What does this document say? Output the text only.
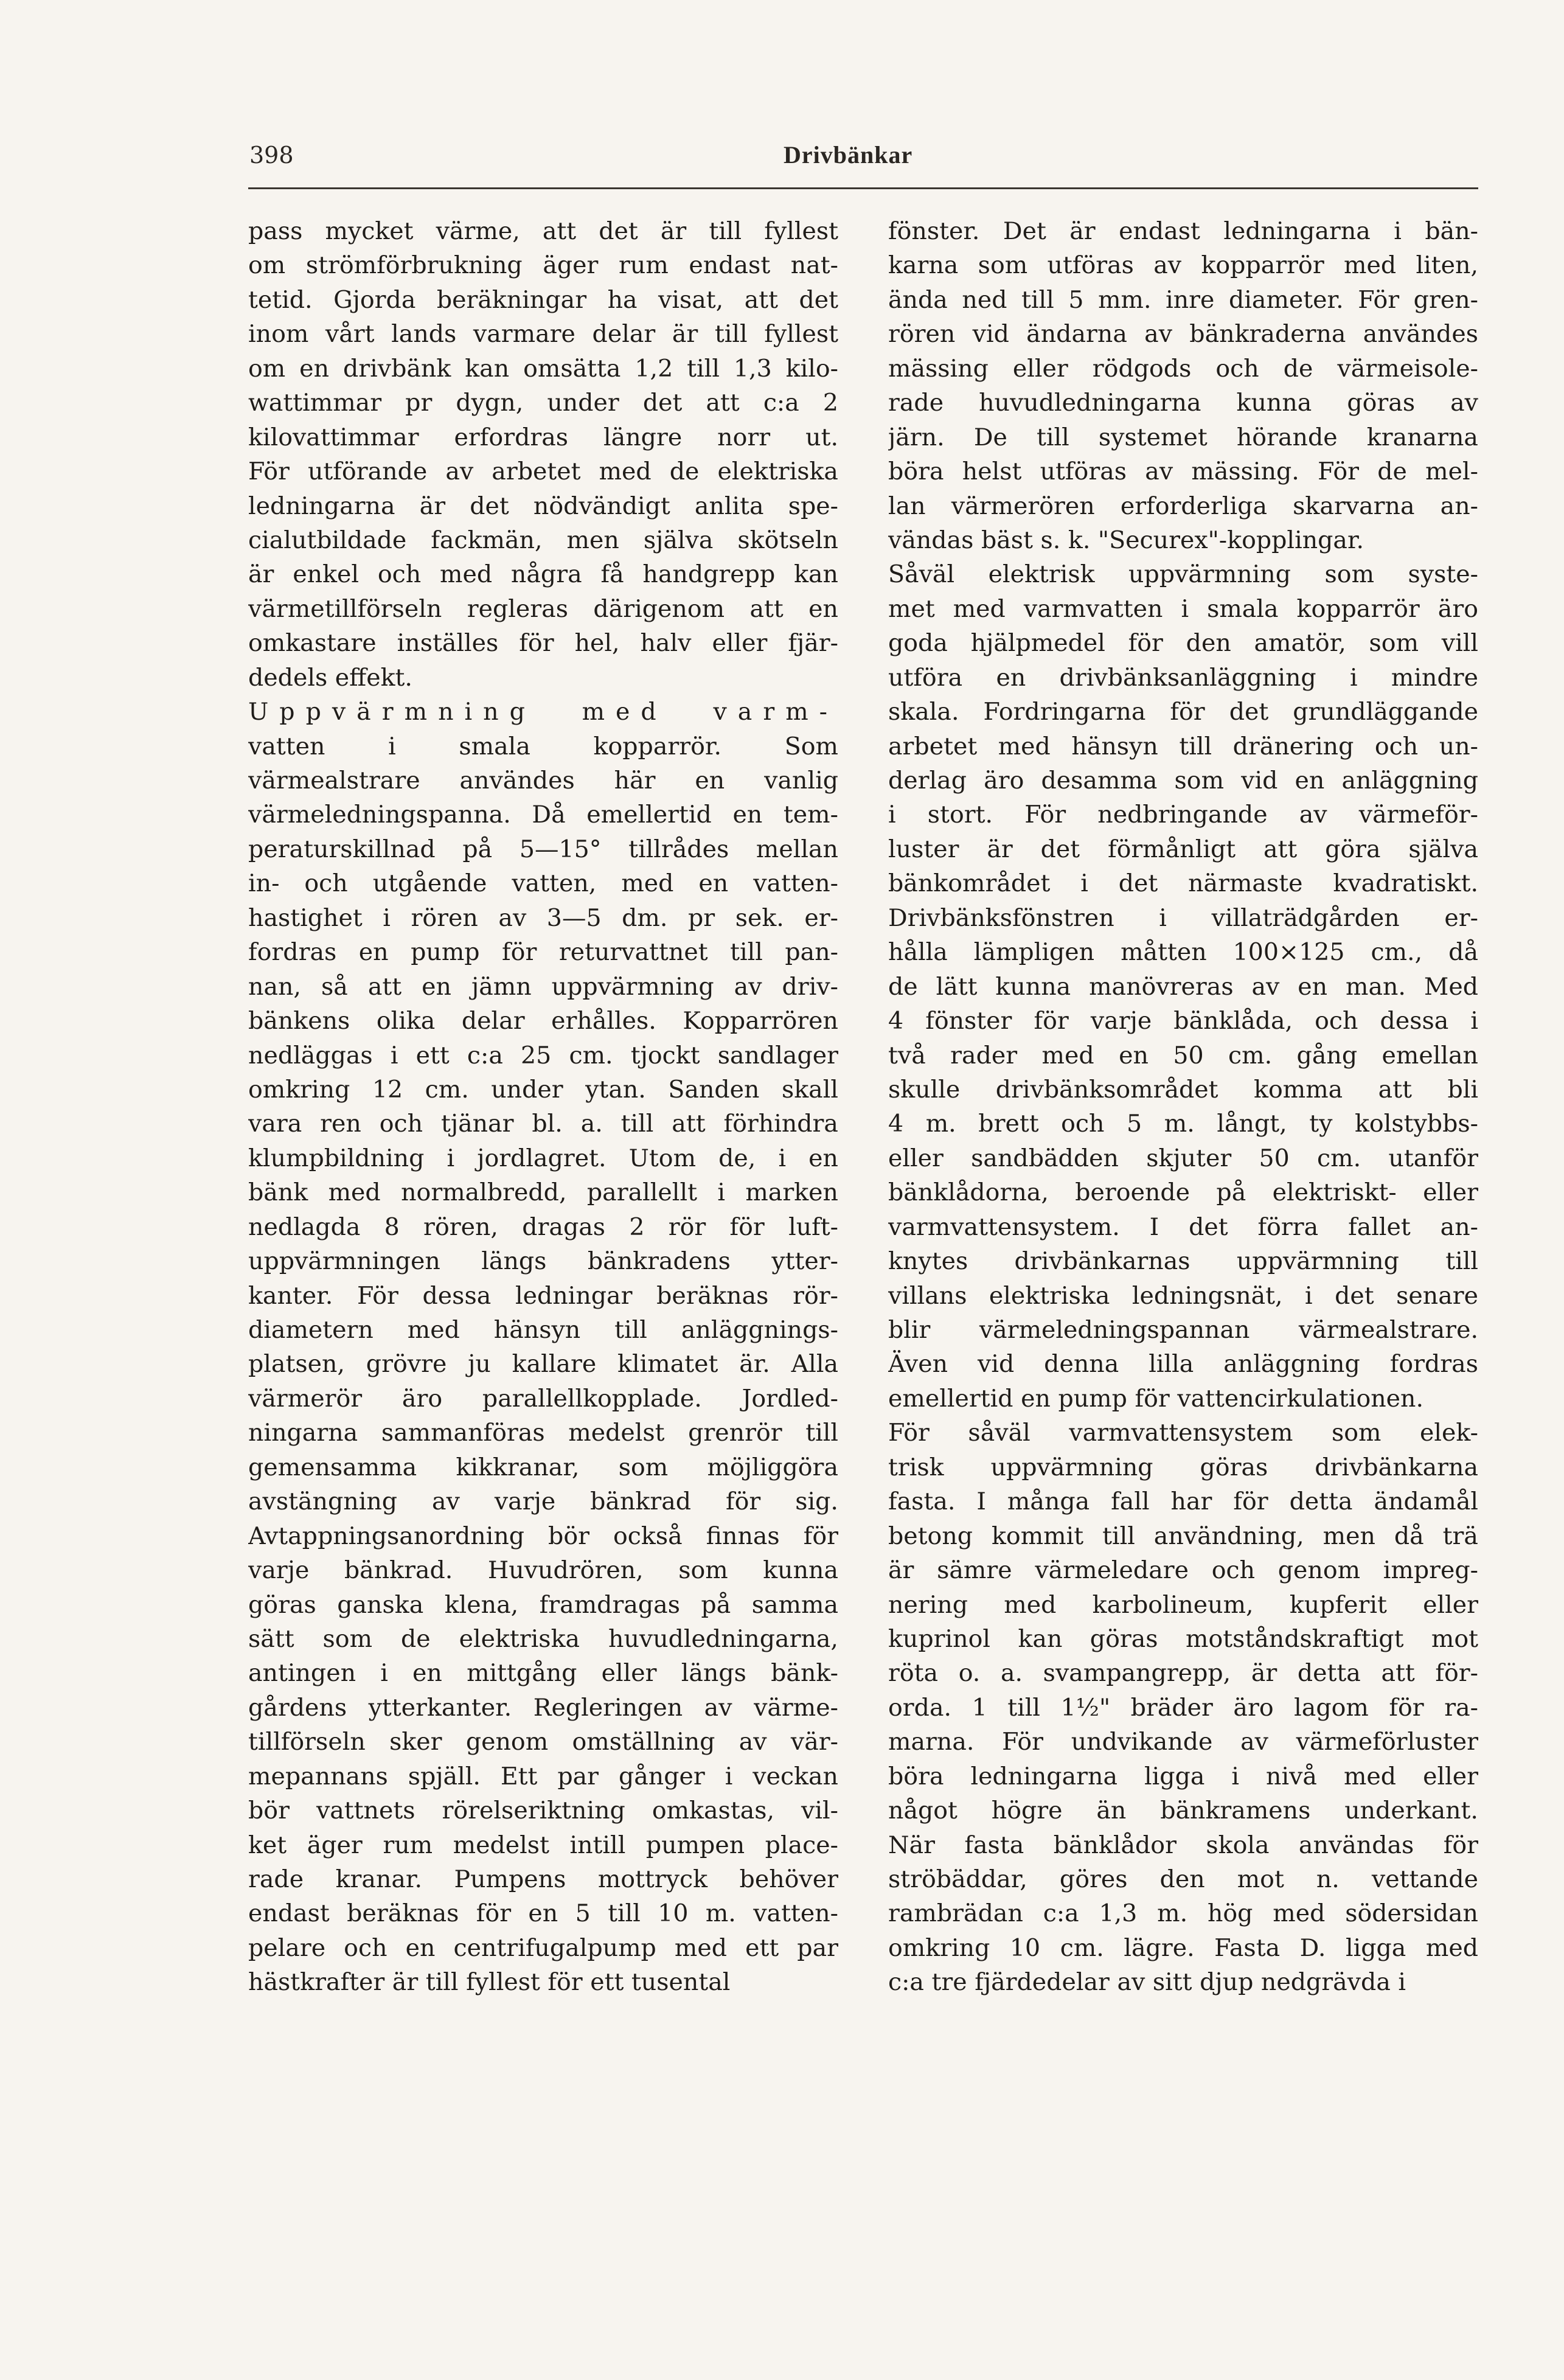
398	Drivbänkar
pass mycket värme, att det är till fyllest
om strömförbrukning äger rum endast nat-
tetid. Gjorda beräkningar ha visat, att det
inom vårt lands varmare delar är till fyllest
om en drivbänk kan omsätta 1,2 till 1,3 kilo-
wattimmar pr dygn, under det att c:a 2
kilovattimmar erfordras längre norr ut.
För utförande av arbetet med de elektriska
ledningarna är det nödvändigt anlita spe-
cialutbildade fackmän, men själva skötseln
är enkel och med några få handgrepp kan
värmetillförseln regleras därigenom att en
omkastare inställes för hel, halv eller fjär-
dedels effekt.
Uppvärmning med varm-
vatten i smala kopparrör. Som
värmealstrare användes här en vanlig
värmeledningspanna. Då emellertid en tem-
peraturskillnad på 5—15° tillrådes mellan
in- och utgående vatten, med en vatten-
hastighet i rören av 3—5 dm. pr sek. er-
fordras en pump för returvattnet till pan-
nan, så att en jämn uppvärmning av driv-
bänkens olika delar erhålles. Kopparrören
nedläggas i ett c:a 25 cm. tjockt sandlager
omkring 12 cm. under ytan. Sanden skall
vara ren och tjänar bl. a. till att förhindra
klumpbildning i jordlagret. Utom de, i en
bänk med normalbredd, parallellt i marken
nedlagda 8 rören, dragas 2 rör för luft-
uppvärmningen längs bänkradens ytter-
kanter. För dessa ledningar beräknas rör-
diametern med hänsyn till anläggnings-
platsen, grövre ju kallare klimatet är. Alla
värmerör äro parallellkopplade. Jordled-
ningarna sammanföras medelst grenrör till
gemensamma kikkranar, som möjliggöra
avstängning av varje bänkrad för sig.
Avtappningsanordning bör också finnas för
varje bänkrad. Huvudrören, som kunna
göras ganska klena, framdragas på samma
sätt som de elektriska huvudledningarna,
antingen i en mittgång eller längs bänk-
gårdens ytterkanter. Regleringen av värme-
tillförseln sker genom omställning av vär-
mepannans spjäll. Ett par gånger i veckan
bör vattnets rörelseriktning omkastas, vil-
ket äger rum medelst intill pumpen place-
rade kranar. Pumpens mottryck behöver
endast beräknas för en 5 till 10 m. vatten-
pelare och en centrifugalpump med ett par
hästkrafter är till fyllest för ett tusental
fönster. Det är endast ledningarna i bän-
karna som utföras av kopparrör med liten,
ända ned till 5 mm. inre diameter. För gren-
rören vid ändarna av bänkraderna användes
mässing eller rödgods och de värmeisole-
rade huvudledningarna kunna göras av
järn. De till systemet hörande kranarna
böra helst utföras av mässing. För de mel-
lan värmerören erforderliga skarvarna an-
vändas bäst s. k. "Securex"-kopplingar.
Såväl elektrisk uppvärmning som syste-
met med varmvatten i smala kopparrör äro
goda hjälpmedel för den amatör, som vill
utföra en drivbänksanläggning i mindre
skala. Fordringarna för det grundläggande
arbetet med hänsyn till dränering och un-
derlag äro desamma som vid en anläggning
i stort. För nedbringande av värmeför-
luster är det förmånligt att göra själva
bänkområdet i det närmaste kvadratiskt.
Drivbänksfönstren i villaträdgården er-
hålla lämpligen måtten 100×125 cm., då
de lätt kunna manövreras av en man. Med
4 fönster för varje bänklåda, och dessa i
två rader med en 50 cm. gång emellan
skulle drivbänksområdet komma att bli
4 m. brett och 5 m. långt, ty kolstybbs-
eller sandbädden skjuter 50 cm. utanför
bänklådorna, beroende på elektriskt- eller
varmvattensystem. I det förra fallet an-
knytes drivbänkarnas uppvärmning till
villans elektriska ledningsnät, i det senare
blir värmeledningspannan värmealstrare.
Även vid denna lilla anläggning fordras
emellertid en pump för vattencirkulationen.
För såväl varmvattensystem som elek-
trisk uppvärmning göras drivbänkarna
fasta. I många fall har för detta ändamål
betong kommit till användning, men då trä
är sämre värmeledare och genom impreg-
nering med karbolineum, kupferit eller
kuprinol kan göras motståndskraftigt mot
röta o. a. svampangrepp, är detta att för-
orda. 1 till 1½" bräder äro lagom för ra-
marna. För undvikande av värmeförluster
böra ledningarna ligga i nivå med eller
något högre än bänkramens underkant.
När fasta bänklådor skola användas för
ströbäddar, göres den mot n. vettande
rambrädan c:a 1,3 m. hög med södersidan
omkring 10 cm. lägre. Fasta D. ligga med
c:a tre fjärdedelar av sitt djup nedgrävda i
